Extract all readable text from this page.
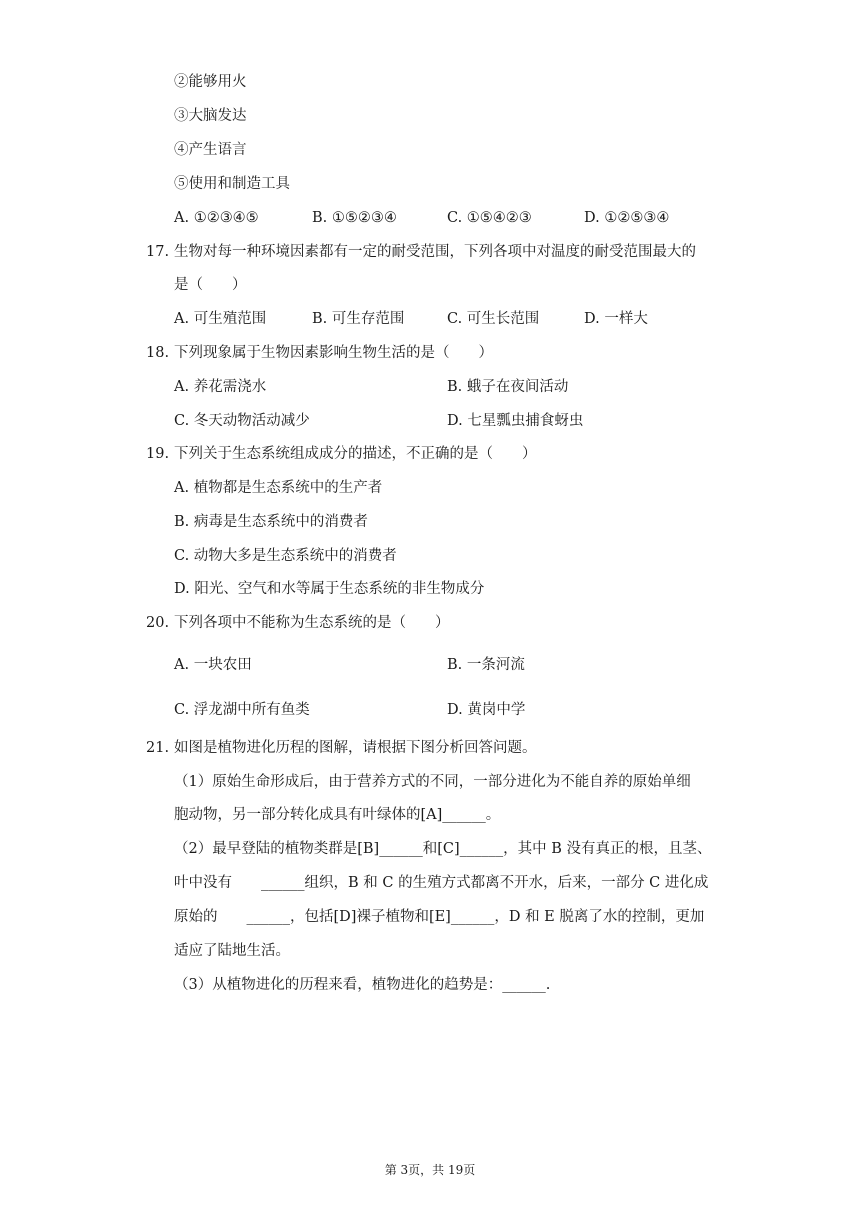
②能够用火
③大脑发达
④产生语言
⑤使用和制造工具
A. ①②③④⑤	B. ①⑤②③④	C. ①⑤④②③	D. ①②⑤③④
17. 生物对每一种环境因素都有一定的耐受范围，下列各项中对温度的耐受范围最大的
是（　　）
A. 可生殖范围	B. 可生存范围	C. 可生长范围	D. 一样大
18. 下列现象属于生物因素影响生物生活的是（　　）
A. 养花需浇水	B. 蛾子在夜间活动
C. 冬天动物活动减少	D. 七星瓢虫捕食蚜虫
19. 下列关于生态系统组成成分的描述，不正确的是（　　）
A. 植物都是生态系统中的生产者
B. 病毒是生态系统中的消费者
C. 动物大多是生态系统中的消费者
D. 阳光、空气和水等属于生态系统的非生物成分
20. 下列各项中不能称为生态系统的是（　　）
A. 一块农田	B. 一条河流
C. 浮龙湖中所有鱼类	D. 黄岗中学
21. 如图是植物进化历程的图解，请根据下图分析回答问题。
（1）原始生命形成后，由于营养方式的不同，一部分进化为不能自养的原始单细
胞动物，另一部分转化成具有叶绿体的[A]______。
（2）最早登陆的植物类群是[B]______和[C]______，其中 B 没有真正的根，且茎、
叶中没有　　______组织，B 和 C 的生殖方式都离不开水，后来，一部分 C 进化成
原始的　　______，包括[D]裸子植物和[E]______，D 和 E 脱离了水的控制，更加
适应了陆地生活。
（3）从植物进化的历程来看，植物进化的趋势是：______.
第 3页，共 19页
